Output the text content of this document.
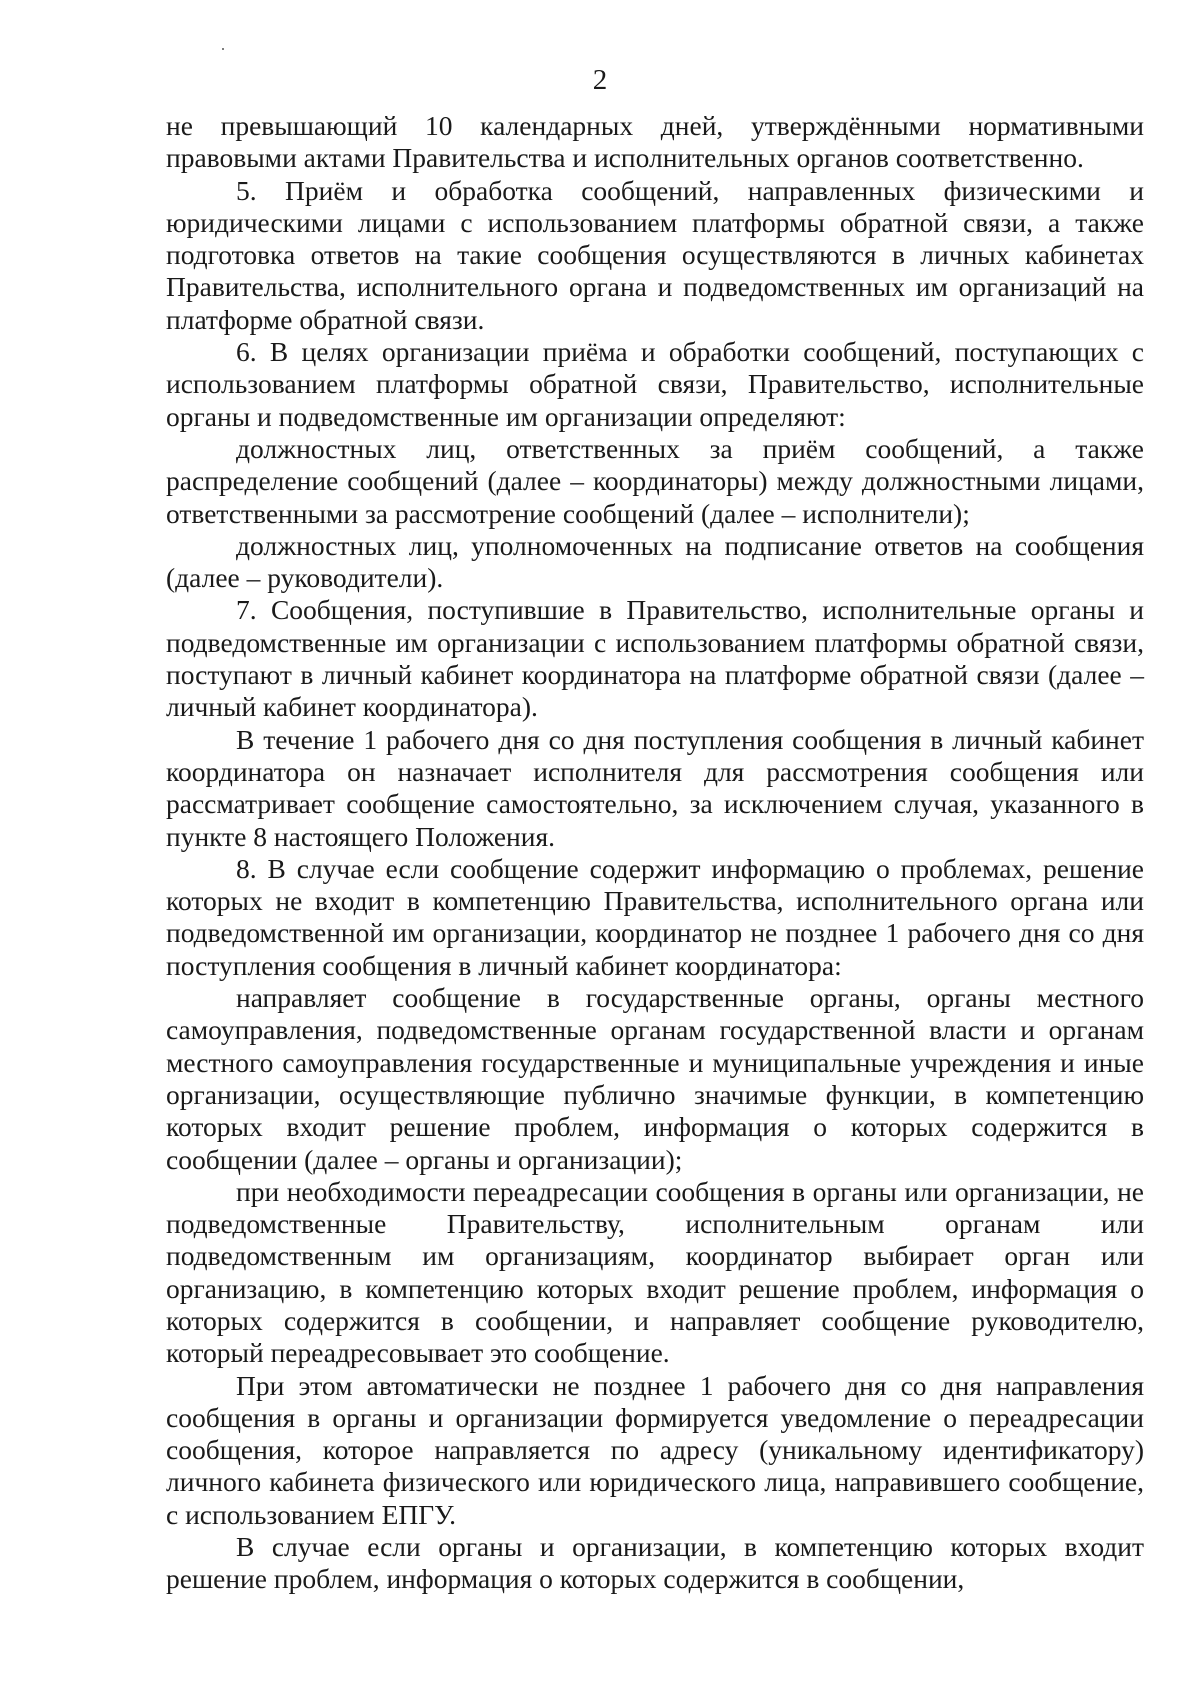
2

не превышающий 10 календарных дней, утверждёнными нормативными правовыми актами Правительства и исполнительных органов соответственно.

5. Приём и обработка сообщений, направленных физическими и юридическими лицами с использованием платформы обратной связи, а также подготовка ответов на такие сообщения осуществляются в личных кабинетах Правительства, исполнительного органа и подведомственных им организаций на платформе обратной связи.

6. В целях организации приёма и обработки сообщений, поступающих с использованием платформы обратной связи, Правительство, исполнительные органы и подведомственные им организации определяют:

должностных лиц, ответственных за приём сообщений, а также распределение сообщений (далее – координаторы) между должностными лицами, ответственными за рассмотрение сообщений (далее – исполнители);

должностных лиц, уполномоченных на подписание ответов на сообщения (далее – руководители).

7. Сообщения, поступившие в Правительство, исполнительные органы и подведомственные им организации с использованием платформы обратной связи, поступают в личный кабинет координатора на платформе обратной связи (далее – личный кабинет координатора).

В течение 1 рабочего дня со дня поступления сообщения в личный кабинет координатора он назначает исполнителя для рассмотрения сообщения или рассматривает сообщение самостоятельно, за исключением случая, указанного в пункте 8 настоящего Положения.

8. В случае если сообщение содержит информацию о проблемах, решение которых не входит в компетенцию Правительства, исполнительного органа или подведомственной им организации, координатор не позднее 1 рабочего дня со дня поступления сообщения в личный кабинет координатора:

направляет сообщение в государственные органы, органы местного самоуправления, подведомственные органам государственной власти и органам местного самоуправления государственные и муниципальные учреждения и иные организации, осуществляющие публично значимые функции, в компетенцию которых входит решение проблем, информация о которых содержится в сообщении (далее – органы и организации);

при необходимости переадресации сообщения в органы или организации, не подведомственные Правительству, исполнительным органам или подведомственным им организациям, координатор выбирает орган или организацию, в компетенцию которых входит решение проблем, информация о которых содержится в сообщении, и направляет сообщение руководителю, который переадресовывает это сообщение.

При этом автоматически не позднее 1 рабочего дня со дня направления сообщения в органы и организации формируется уведомление о переадресации сообщения, которое направляется по адресу (уникальному идентификатору) личного кабинета физического или юридического лица, направившего сообщение, с использованием ЕПГУ.

В случае если органы и организации, в компетенцию которых входит решение проблем, информация о которых содержится в сообщении,
